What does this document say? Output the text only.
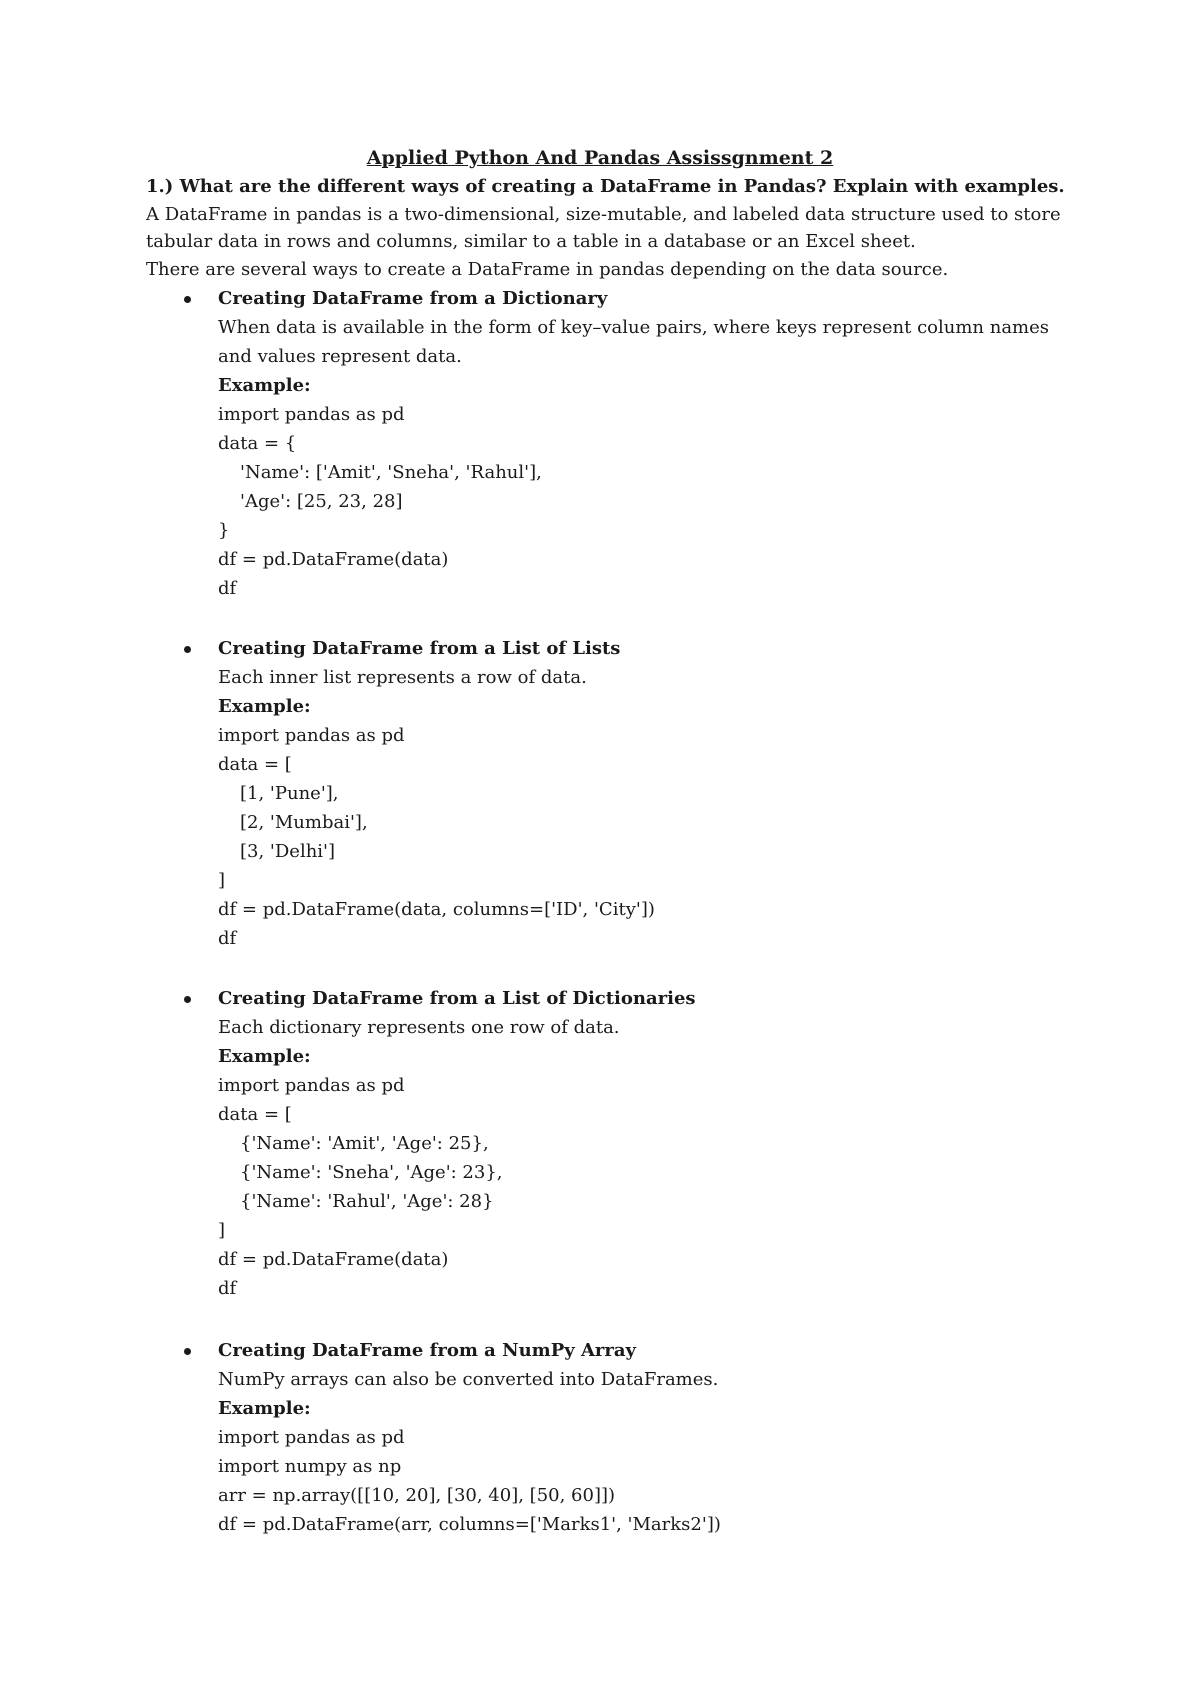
Applied Python And Pandas Assissgnment 2
1.) What are the different ways of creating a DataFrame in Pandas? Explain with examples.
A DataFrame in pandas is a two-dimensional, size-mutable, and labeled data structure used to store
tabular data in rows and columns, similar to a table in a database or an Excel sheet.
There are several ways to create a DataFrame in pandas depending on the data source.
Creating DataFrame from a Dictionary
When data is available in the form of key–value pairs, where keys represent column names
and values represent data.
Example:
import pandas as pd
data = {
'Name': ['Amit', 'Sneha', 'Rahul'],
'Age': [25, 23, 28]
}
df = pd.DataFrame(data)
df
Creating DataFrame from a List of Lists
Each inner list represents a row of data.
Example:
import pandas as pd
data = [
[1, 'Pune'],
[2, 'Mumbai'],
[3, 'Delhi']
]
df = pd.DataFrame(data, columns=['ID', 'City'])
df
Creating DataFrame from a List of Dictionaries
Each dictionary represents one row of data.
Example:
import pandas as pd
data = [
{'Name': 'Amit', 'Age': 25},
{'Name': 'Sneha', 'Age': 23},
{'Name': 'Rahul', 'Age': 28}
]
df = pd.DataFrame(data)
df
Creating DataFrame from a NumPy Array
NumPy arrays can also be converted into DataFrames.
Example:
import pandas as pd
import numpy as np
arr = np.array([[10, 20], [30, 40], [50, 60]])
df = pd.DataFrame(arr, columns=['Marks1', 'Marks2'])
